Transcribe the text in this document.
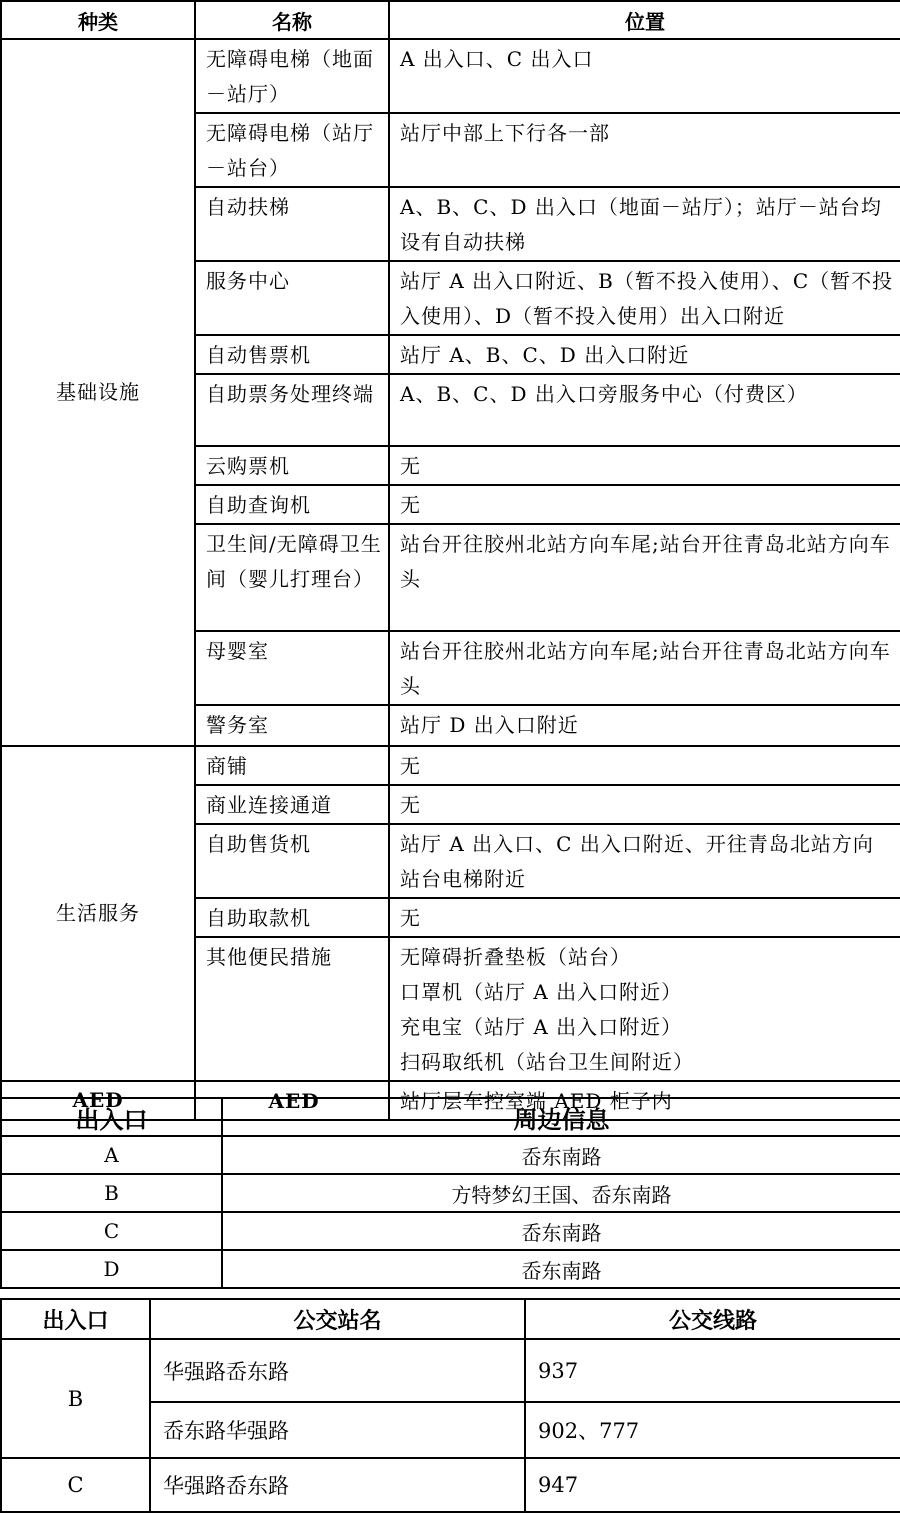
种类	名称	位置
基础设施	无障碍电梯（地面－站厅）	A 出入口、C 出入口
	无障碍电梯（站厅－站台）	站厅中部上下行各一部
	自动扶梯	A、B、C、D 出入口（地面－站厅）；站厅－站台均设有自动扶梯
	服务中心	站厅 A 出入口附近、B（暂不投入使用）、C（暂不投入使用）、D（暂不投入使用）出入口附近
	自动售票机	站厅 A、B、C、D 出入口附近
	自助票务处理终端	A、B、C、D 出入口旁服务中心（付费区）
	云购票机	无
	自助查询机	无
	卫生间/无障碍卫生间（婴儿打理台）	站台开往胶州北站方向车尾;站台开往青岛北站方向车头
	母婴室	站台开往胶州北站方向车尾;站台开往青岛北站方向车头
	警务室	站厅 D 出入口附近
生活服务	商铺	无
	商业连接通道	无
	自助售货机	站厅 A 出入口、C 出入口附近、开往青岛北站方向站台电梯附近
	自助取款机	无
	其他便民措施	无障碍折叠垫板（站台）
口罩机（站厅 A 出入口附近）
充电宝（站厅 A 出入口附近）
扫码取纸机（站台卫生间附近）

AED	AED	站厅层车控室端 AED 柜子内
出入口	周边信息
A	岙东南路
B	方特梦幻王国、岙东南路
C	岙东南路
D	岙东南路
出入口	公交站名	公交线路
B	华强路岙东路	937
	岙东路华强路	902、777
C	华强路岙东路	947
